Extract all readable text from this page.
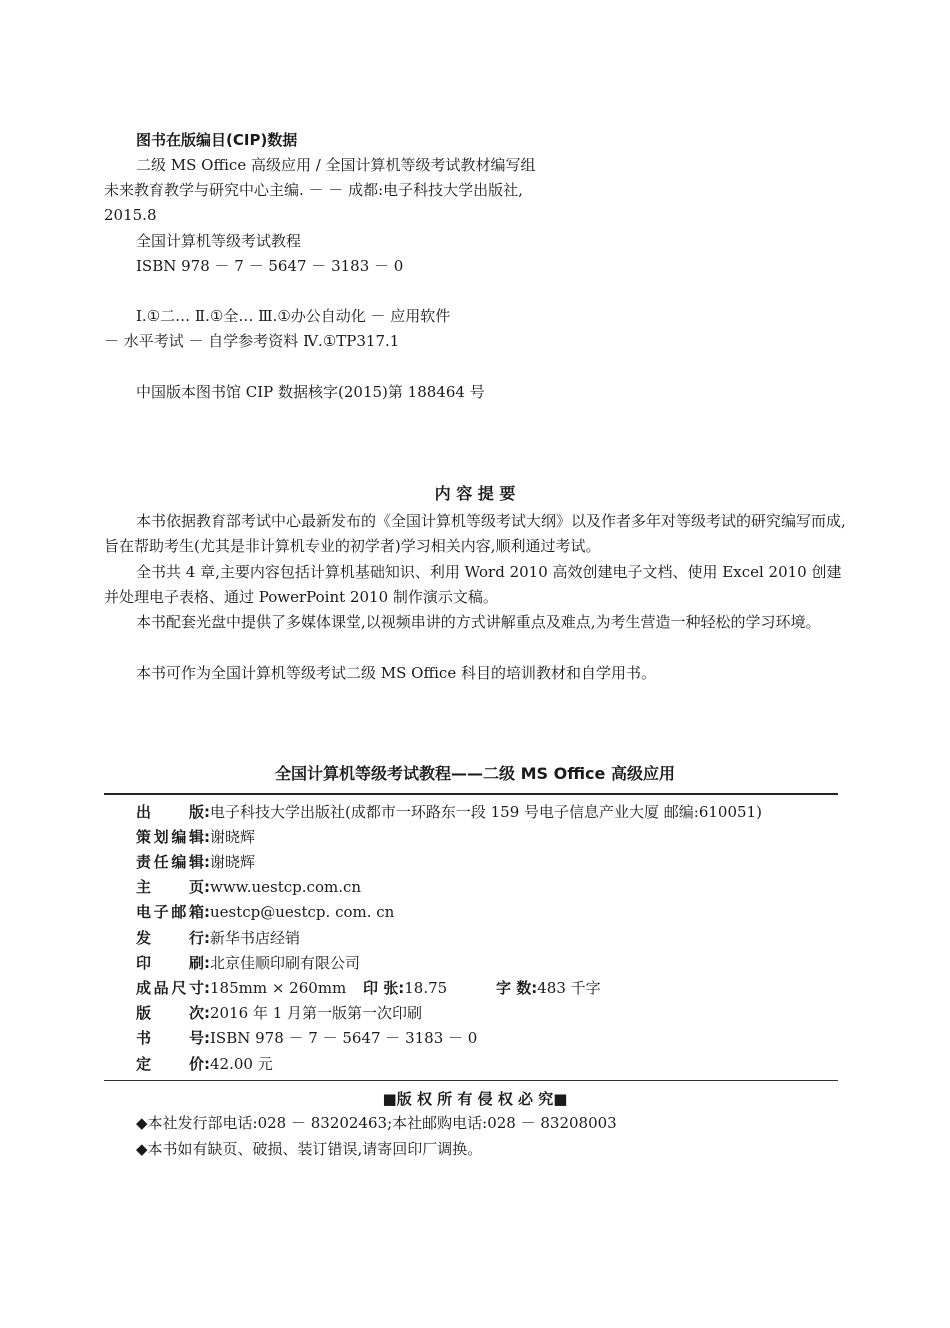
图书在版编目(CIP)数据
二级 MS Office 高级应用 / 全国计算机等级考试教材编写组
未来教育教学与研究中心主编. － － 成都:电子科技大学出版社,
2015.8
全国计算机等级考试教程
ISBN 978 － 7 － 5647 － 3183 － 0
Ⅰ.①二… Ⅱ.①全… Ⅲ.①办公自动化 － 应用软件
－ 水平考试 － 自学参考资料 Ⅳ.①TP317.1
中国版本图书馆 CIP 数据核字(2015)第 188464 号
内 容 提 要
本书依据教育部考试中心最新发布的《全国计算机等级考试大纲》以及作者多年对等级考试的研究编写而成,旨在帮助考生(尤其是非计算机专业的初学者)学习相关内容,顺利通过考试。
全书共 4 章,主要内容包括计算机基础知识、利用 Word 2010 高效创建电子文档、使用 Excel 2010 创建并处理电子表格、通过 PowerPoint 2010 制作演示文稿。
本书配套光盘中提供了多媒体课堂,以视频串讲的方式讲解重点及难点,为考生营造一种轻松的学习环境。
本书可作为全国计算机等级考试二级 MS Office 科目的培训教材和自学用书。
全国计算机等级考试教程——二级 MS Office 高级应用
出版:电子科技大学出版社(成都市一环路东一段 159 号电子信息产业大厦 邮编:610051)
策划编辑:谢晓辉
责任编辑:谢晓辉
主页:www.uestcp.com.cn
电子邮箱:uestcp@uestcp. com. cn
发行:新华书店经销
印刷:北京佳顺印刷有限公司
成品尺寸:185mm × 260mm 印 张:18.75	字 数:483 千字
版次:2016 年 1 月第一版第一次印刷
书号:ISBN 978 － 7 － 5647 － 3183 － 0
定价:42.00 元
■版 权 所 有 侵 权 必 究■
◆本社发行部电话:028 － 83202463;本社邮购电话:028 － 83208003
◆本书如有缺页、破损、装订错误,请寄回印厂调换。
